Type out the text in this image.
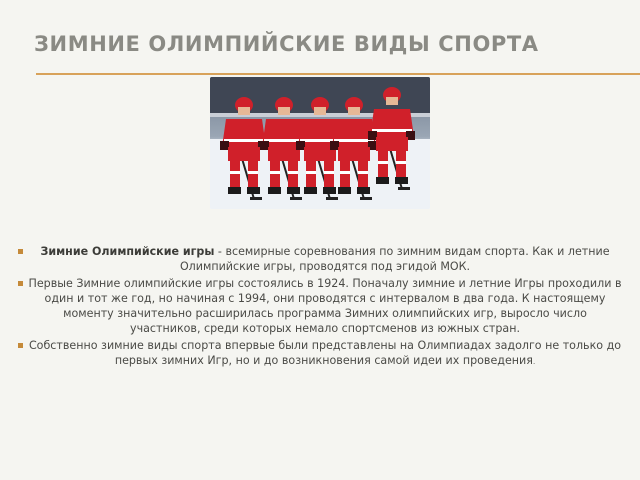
ЗИМНИЕ ОЛИМПИЙСКИЕ ВИДЫ СПОРТА
Зимние Олимпийские игры - всемирные соревнования по зимним видам спорта. Как и летние Олимпийские игры, проводятся под эгидой МОК.
Первые Зимние олимпийские игры состоялись в 1924. Поначалу зимние и летние Игры проходили в один и тот же год, но начиная с 1994, они проводятся с интервалом в два года. К настоящему моменту значительно расширилась программа Зимних олимпийских игр, выросло число участников, среди которых немало спортсменов из южных стран.
Собственно зимние виды спорта впервые были представлены на Олимпиадах задолго не только до первых зимних Игр, но и до возникновения самой идеи их проведения.
